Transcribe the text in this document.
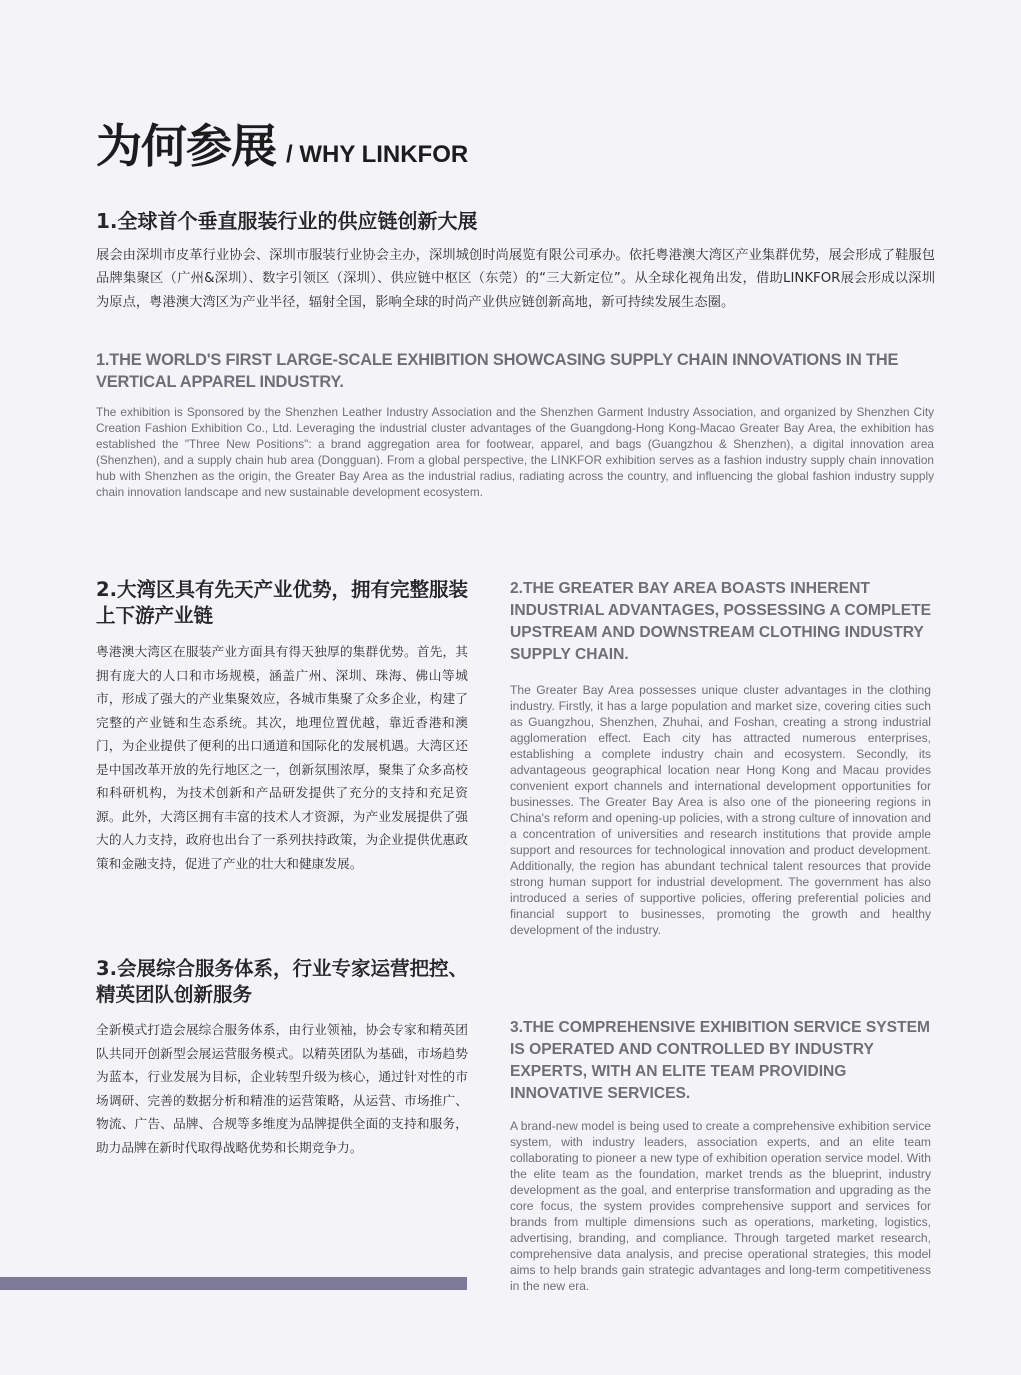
为何参展 / WHY LINKFOR
1.全球首个垂直服装行业的供应链创新大展

展会由深圳市皮革行业协会、深圳市服装行业协会主办，深圳城创时尚展览有限公司承办。依托粤港澳大湾区产业集群优势，展会形成了鞋服包品牌集聚区（广州&深圳）、数字引领区（深圳）、供应链中枢区（东莞）的“三大新定位”。从全球化视角出发，借助LINKFOR展会形成以深圳为原点，粤港澳大湾区为产业半径，辐射全国，影响全球的时尚产业供应链创新高地，新可持续发展生态圈。

1.THE WORLD'S FIRST LARGE-SCALE EXHIBITION SHOWCASING SUPPLY CHAIN INNOVATIONS IN THE VERTICAL APPAREL INDUSTRY.

The exhibition is Sponsored by the Shenzhen Leather Industry Association and the Shenzhen Garment Industry Association, and organized by Shenzhen City Creation Fashion Exhibition Co., Ltd. Leveraging the industrial cluster advantages of the Guangdong-Hong Kong-Macao Greater Bay Area, the exhibition has established the "Three New Positions": a brand aggregation area for footwear, apparel, and bags (Guangzhou & Shenzhen), a digital innovation area (Shenzhen), and a supply chain hub area (Dongguan). From a global perspective, the LINKFOR exhibition serves as a fashion industry supply chain innovation hub with Shenzhen as the origin, the Greater Bay Area as the industrial radius, radiating across the country, and influencing the global fashion industry supply chain innovation landscape and new sustainable development ecosystem.

2.大湾区具有先天产业优势，拥有完整服装上下游产业链

粤港澳大湾区在服装产业方面具有得天独厚的集群优势。首先，其拥有庞大的人口和市场规模，涵盖广州、深圳、珠海、佛山等城市，形成了强大的产业集聚效应，各城市集聚了众多企业，构建了完整的产业链和生态系统。其次，地理位置优越，靠近香港和澳门，为企业提供了便利的出口通道和国际化的发展机遇。大湾区还是中国改革开放的先行地区之一，创新氛围浓厚，聚集了众多高校和科研机构，为技术创新和产品研发提供了充分的支持和充足资源。此外，大湾区拥有丰富的技术人才资源，为产业发展提供了强大的人力支持，政府也出台了一系列扶持政策，为企业提供优惠政策和金融支持，促进了产业的壮大和健康发展。

2.THE GREATER BAY AREA BOASTS INHERENT INDUSTRIAL ADVANTAGES, POSSESSING A COMPLETE UPSTREAM AND DOWNSTREAM CLOTHING INDUSTRY SUPPLY CHAIN.

The Greater Bay Area possesses unique cluster advantages in the clothing industry. Firstly, it has a large population and market size, covering cities such as Guangzhou, Shenzhen, Zhuhai, and Foshan, creating a strong industrial agglomeration effect. Each city has attracted numerous enterprises, establishing a complete industry chain and ecosystem. Secondly, its advantageous geographical location near Hong Kong and Macau provides convenient export channels and international development opportunities for businesses. The Greater Bay Area is also one of the pioneering regions in China's reform and opening-up policies, with a strong culture of innovation and a concentration of universities and research institutions that provide ample support and resources for technological innovation and product development. Additionally, the region has abundant technical talent resources that provide strong human support for industrial development. The government has also introduced a series of supportive policies, offering preferential policies and financial support to businesses, promoting the growth and healthy development of the industry.

3.会展综合服务体系，行业专家运营把控、精英团队创新服务

全新模式打造会展综合服务体系，由行业领袖，协会专家和精英团队共同开创新型会展运营服务模式。以精英团队为基础，市场趋势为蓝本，行业发展为目标，企业转型升级为核心，通过针对性的市场调研、完善的数据分析和精准的运营策略，从运营、市场推广、物流、广告、品牌、合规等多维度为品牌提供全面的支持和服务，助力品牌在新时代取得战略优势和长期竞争力。

3.THE COMPREHENSIVE EXHIBITION SERVICE SYSTEM IS OPERATED AND CONTROLLED BY INDUSTRY EXPERTS, WITH AN ELITE TEAM PROVIDING INNOVATIVE SERVICES.

A brand-new model is being used to create a comprehensive exhibition service system, with industry leaders, association experts, and an elite team collaborating to pioneer a new type of exhibition operation service model. With the elite team as the foundation, market trends as the blueprint, industry development as the goal, and enterprise transformation and upgrading as the core focus, the system provides comprehensive support and services for brands from multiple dimensions such as operations, marketing, logistics, advertising, branding, and compliance. Through targeted market research, comprehensive data analysis, and precise operational strategies, this model aims to help brands gain strategic advantages and long-term competitiveness in the new era.
